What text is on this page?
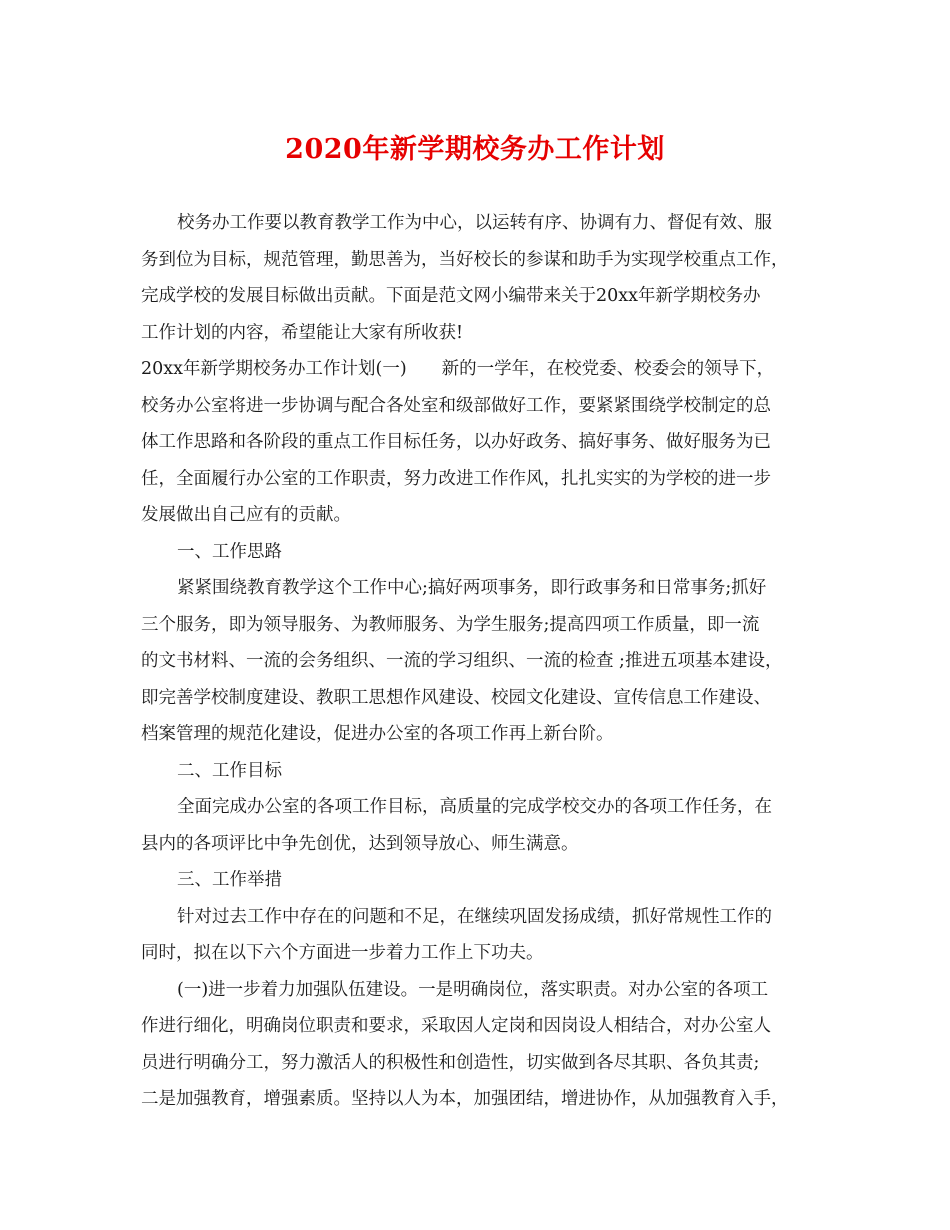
2020年新学期校务办工作计划
校务办工作要以教育教学工作为中心，以运转有序、协调有力、督促有效、服
务到位为目标，规范管理，勤思善为，当好校长的参谋和助手为实现学校重点工作，
完成学校的发展目标做出贡献。下面是范文网小编带来关于20xx年新学期校务办
工作计划的内容，希望能让大家有所收获!
20xx年新学期校务办工作计划(一)　　新的一学年，在校党委、校委会的领导下，
校务办公室将进一步协调与配合各处室和级部做好工作，要紧紧围绕学校制定的总
体工作思路和各阶段的重点工作目标任务，以办好政务、搞好事务、做好服务为已
任，全面履行办公室的工作职责，努力改进工作作风，扎扎实实的为学校的进一步
发展做出自己应有的贡献。
一、工作思路
紧紧围绕教育教学这个工作中心;搞好两项事务，即行政事务和日常事务;抓好
三个服务，即为领导服务、为教师服务、为学生服务;提高四项工作质量，即一流
的文书材料、一流的会务组织、一流的学习组织、一流的检查 ;推进五项基本建设，
即完善学校制度建设、教职工思想作风建设、校园文化建设、宣传信息工作建设、
档案管理的规范化建设，促进办公室的各项工作再上新台阶。
二、工作目标
全面完成办公室的各项工作目标，高质量的完成学校交办的各项工作任务，在
县内的各项评比中争先创优，达到领导放心、师生满意。
三、工作举措
针对过去工作中存在的问题和不足，在继续巩固发扬成绩，抓好常规性工作的
同时，拟在以下六个方面进一步着力工作上下功夫。
(一)进一步着力加强队伍建设。一是明确岗位，落实职责。对办公室的各项工
作进行细化，明确岗位职责和要求，采取因人定岗和因岗设人相结合，对办公室人
员进行明确分工，努力激活人的积极性和创造性，切实做到各尽其职、各负其责;
二是加强教育，增强素质。坚持以人为本，加强团结，增进协作，从加强教育入手，
